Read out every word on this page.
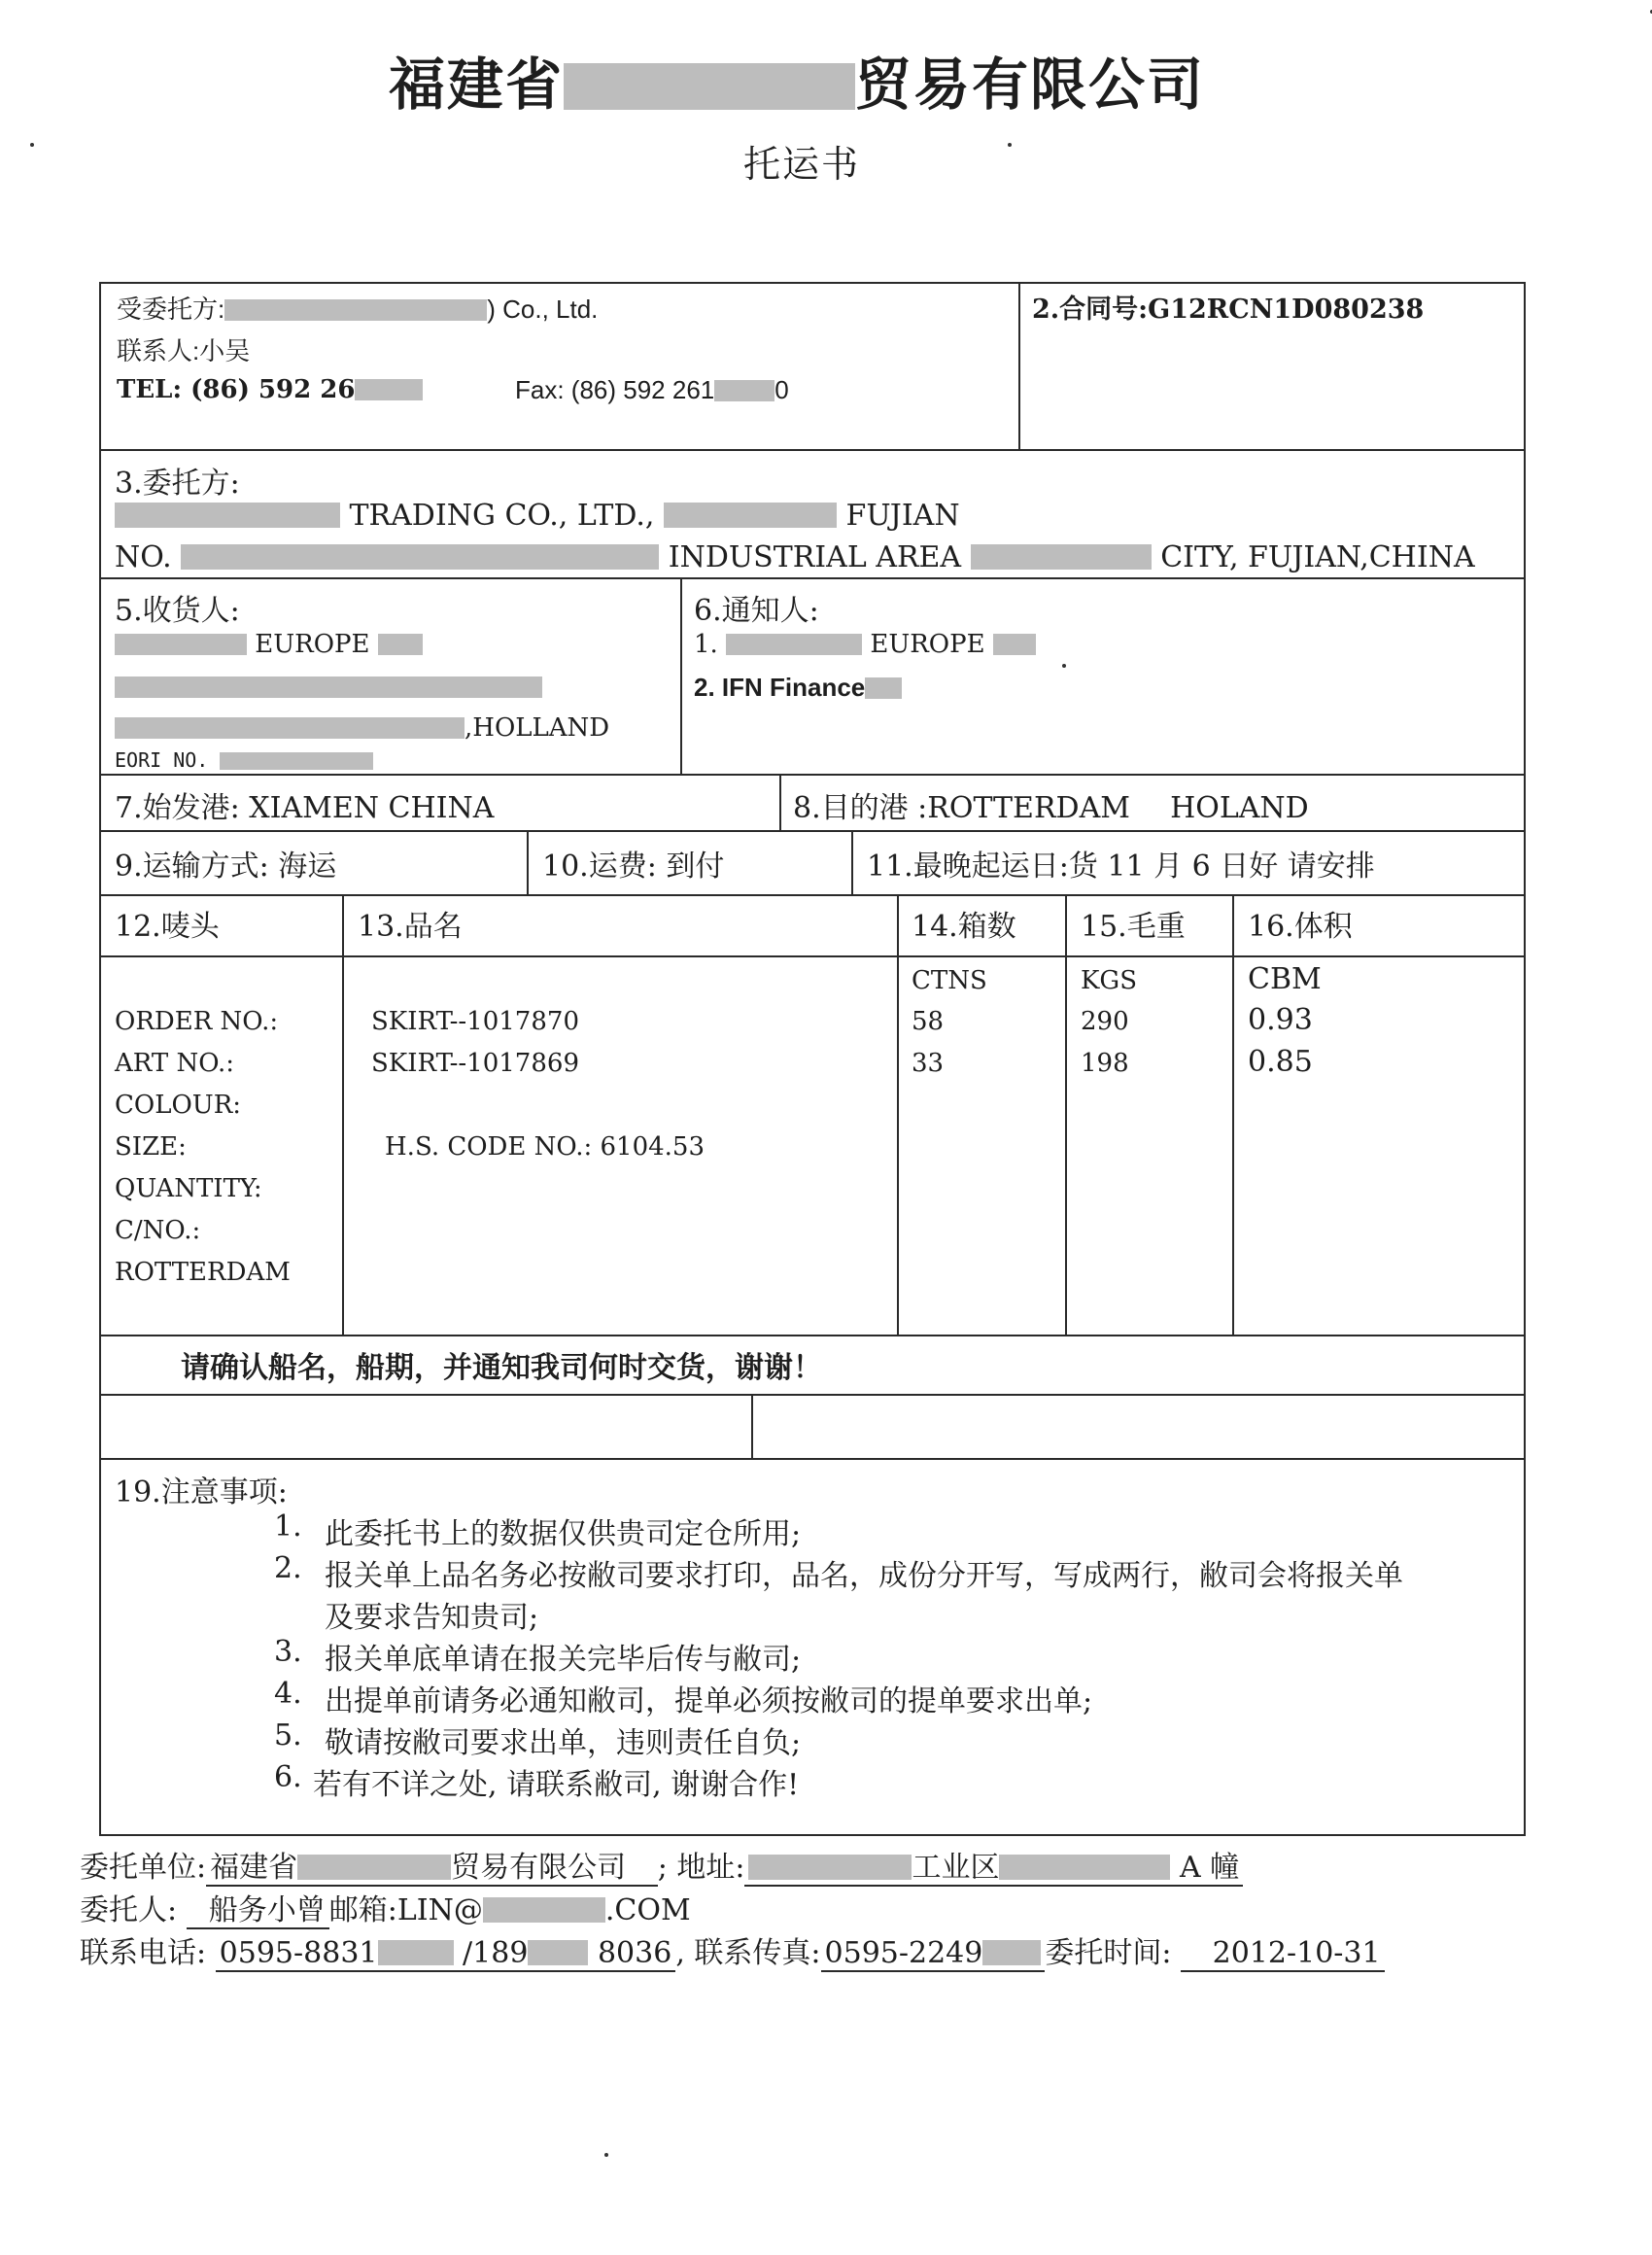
福建省	贸易有限公司
托运书
受委托方:	) Co., Ltd.
联系人:小吴
TEL: (86) 592 26	Fax: (86) 592 261 0
2.合同号:G12RCN1D080238
3.委托方:
TRADING CO., LTD.,	FUJIAN
NO.	INDUSTRIAL AREA	CITY, FUJIAN,CHINA
5.收货人:
EUROPE
,HOLLAND
EORI NO.
6.通知人:
1.	EUROPE
2. IFN Finance
7.始发港: XIAMEN CHINA	8.目的港 :ROTTERDAM HOLAND
9.运输方式: 海运	10.运费: 到付	11.最晚起运日:货 11 月 6 日好 请安排
12.唛头	13.品名	14.箱数 15.毛重 16.体积
CTNS	KGS	CBM
ORDER NO.:
ART NO.:
COLOUR:
SIZE:
QUANTITY:
C/NO.:
ROTTERDAM
SKIRT--1017870	58	290	0.93
SKIRT--1017869	33	198	0.85
H.S. CODE NO.: 6104.53
请确认船名，船期，并通知我司何时交货，谢谢！
19.注意事项:
1. 此委托书上的数据仅供贵司定仓所用;
2. 报关单上品名务必按敝司要求打印，品名，成份分开写，写成两行，敝司会将报关单
及要求告知贵司;
3. 报关单底单请在报关完毕后传与敝司;
4. 出提单前请务必通知敝司，提单必须按敝司的提单要求出单;
5. 敬请按敝司要求出单，违则责任自负;
6. 若有不详之处, 请联系敝司, 谢谢合作!
委托单位: 福建省	贸易有限公司 ; 地址:	工业区	A 幢
委托人: 船务小曾 邮箱:LIN@	.COM
联系电话: 0595-8831	/189 8036 , 联系传真: 0595-2249 委托时间: 2012-10-31
